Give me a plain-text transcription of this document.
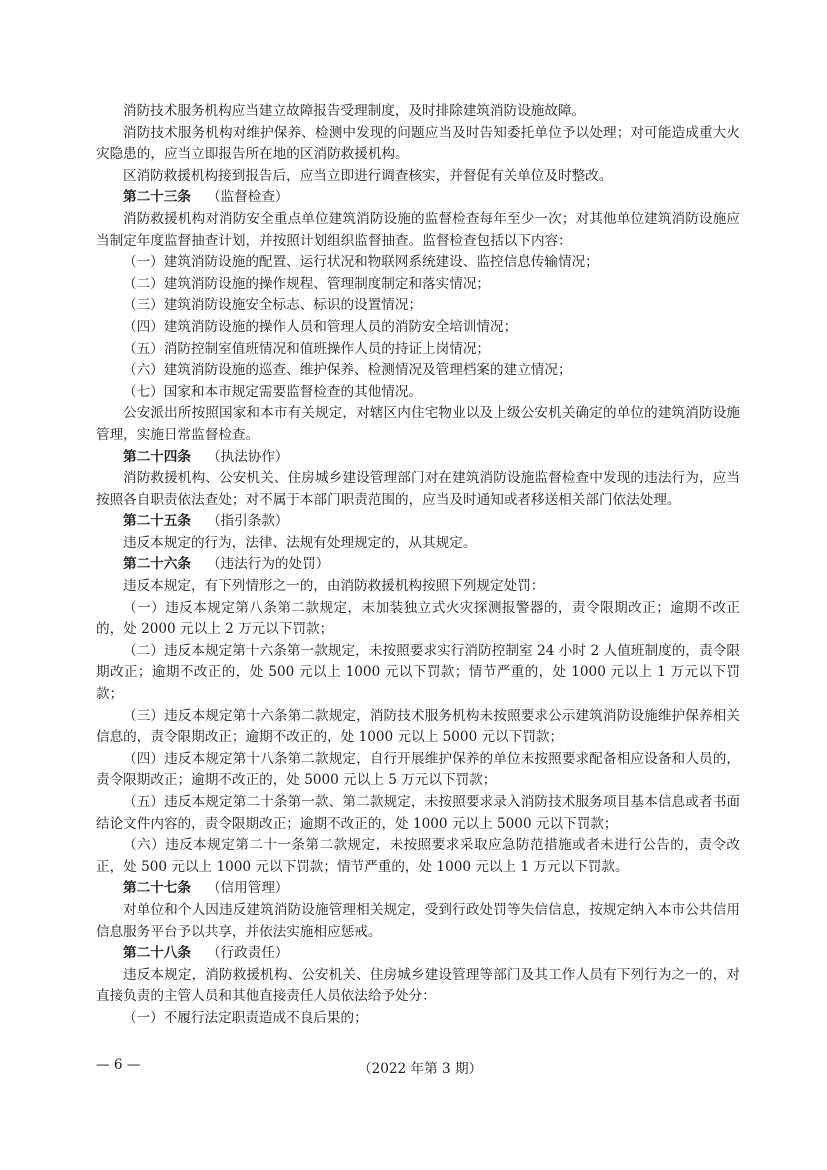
消防技术服务机构应当建立故障报告受理制度，及时排除建筑消防设施故障。

消防技术服务机构对维护保养、检测中发现的问题应当及时告知委托单位予以处理；对可能造成重大火灾隐患的，应当立即报告所在地的区消防救援机构。

区消防救援机构接到报告后，应当立即进行调查核实，并督促有关单位及时整改。

第二十三条 （监督检查）

消防救援机构对消防安全重点单位建筑消防设施的监督检查每年至少一次；对其他单位建筑消防设施应当制定年度监督抽查计划，并按照计划组织监督抽查。监督检查包括以下内容：

（一）建筑消防设施的配置、运行状况和物联网系统建设、监控信息传输情况；

（二）建筑消防设施的操作规程、管理制度制定和落实情况；

（三）建筑消防设施安全标志、标识的设置情况；

（四）建筑消防设施的操作人员和管理人员的消防安全培训情况；

（五）消防控制室值班情况和值班操作人员的持证上岗情况；

（六）建筑消防设施的巡查、维护保养、检测情况及管理档案的建立情况；

（七）国家和本市规定需要监督检查的其他情况。

公安派出所按照国家和本市有关规定，对辖区内住宅物业以及上级公安机关确定的单位的建筑消防设施管理，实施日常监督检查。

第二十四条 （执法协作）

消防救援机构、公安机关、住房城乡建设管理部门对在建筑消防设施监督检查中发现的违法行为，应当按照各自职责依法查处；对不属于本部门职责范围的，应当及时通知或者移送相关部门依法处理。

第二十五条 （指引条款）

违反本规定的行为，法律、法规有处理规定的，从其规定。

第二十六条 （违法行为的处罚）

违反本规定，有下列情形之一的，由消防救援机构按照下列规定处罚：

（一）违反本规定第八条第二款规定，未加装独立式火灾探测报警器的，责令限期改正；逾期不改正的，处 2000 元以上 2 万元以下罚款；

（二）违反本规定第十六条第一款规定，未按照要求实行消防控制室 24 小时 2 人值班制度的，责令限期改正；逾期不改正的，处 500 元以上 1000 元以下罚款；情节严重的，处 1000 元以上 1 万元以下罚款；

（三）违反本规定第十六条第二款规定，消防技术服务机构未按照要求公示建筑消防设施维护保养相关信息的，责令限期改正；逾期不改正的，处 1000 元以上 5000 元以下罚款；

（四）违反本规定第十八条第二款规定，自行开展维护保养的单位未按照要求配备相应设备和人员的，责令限期改正；逾期不改正的，处 5000 元以上 5 万元以下罚款；

（五）违反本规定第二十条第一款、第二款规定，未按照要求录入消防技术服务项目基本信息或者书面结论文件内容的，责令限期改正；逾期不改正的，处 1000 元以上 5000 元以下罚款；

（六）违反本规定第二十一条第二款规定，未按照要求采取应急防范措施或者未进行公告的，责令改正，处 500 元以上 1000 元以下罚款；情节严重的，处 1000 元以上 1 万元以下罚款。

第二十七条 （信用管理）

对单位和个人因违反建筑消防设施管理相关规定，受到行政处罚等失信信息，按规定纳入本市公共信用信息服务平台予以共享，并依法实施相应惩戒。

第二十八条 （行政责任）

违反本规定，消防救援机构、公安机关、住房城乡建设管理等部门及其工作人员有下列行为之一的，对直接负责的主管人员和其他直接责任人员依法给予处分：

（一）不履行法定职责造成不良后果的；

— 6 —	（2022 年第 3 期）
